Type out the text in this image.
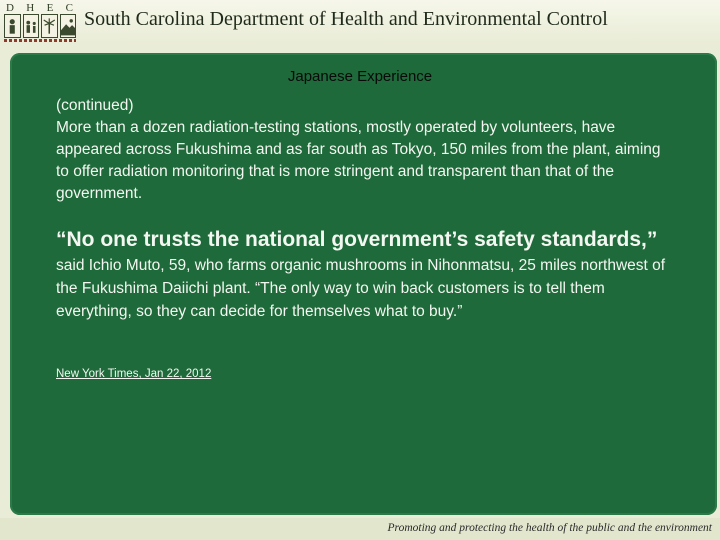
D H E C South Carolina Department of Health and Environmental Control
Japanese Experience

(continued)
More than a dozen radiation-testing stations, mostly operated by volunteers, have appeared across Fukushima and as far south as Tokyo, 150 miles from the plant, aiming to offer radiation monitoring that is more stringent and transparent than that of the government.

“No one trusts the national government’s safety standards,” said Ichio Muto, 59, who farms organic mushrooms in Nihonmatsu, 25 miles northwest of the Fukushima Daiichi plant. “The only way to win back customers is to tell them everything, so they can decide for themselves what to buy.”

New York Times, Jan 22, 2012
Promoting and protecting the health of the public and the environment
